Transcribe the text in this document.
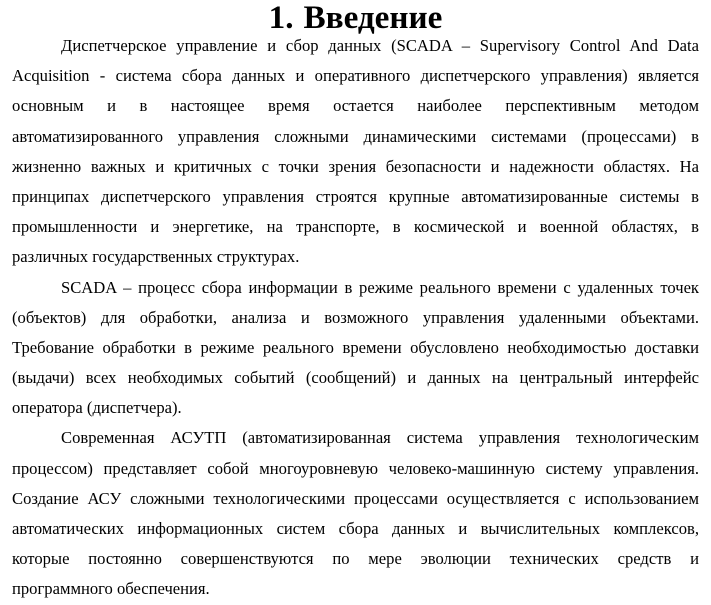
1. Введение
Диспетчерское управление и сбор данных (SCADA – Supervisory Control And Data
Acquisition - система сбора данных и оперативного диспетчерского управления) является
основным и в настоящее время остается наиболее перспективным методом
автоматизированного управления сложными динамическими системами (процессами) в
жизненно важных и критичных с точки зрения безопасности и надежности областях. На
принципах диспетчерского управления строятся крупные автоматизированные системы в
промышленности и энергетике, на транспорте, в космической и военной областях, в
различных государственных структурах.
SCADA – процесс сбора информации в режиме реального времени с удаленных точек
(объектов) для обработки, анализа и возможного управления удаленными объектами.
Требование обработки в режиме реального времени обусловлено необходимостью доставки
(выдачи) всех необходимых событий (сообщений) и данных на центральный интерфейс
оператора (диспетчера).
Современная АСУТП (автоматизированная система управления технологическим
процессом) представляет собой многоуровневую человеко-машинную систему управления.
Создание АСУ сложными технологическими процессами осуществляется с использованием
автоматических информационных систем сбора данных и вычислительных комплексов,
которые постоянно совершенствуются по мере эволюции технических средств и
программного обеспечения.
